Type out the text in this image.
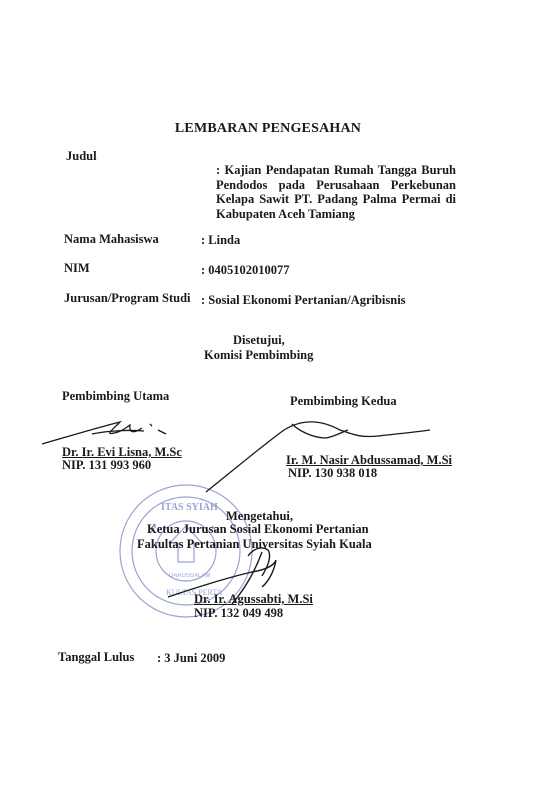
LEMBARAN PENGESAHAN
Judul
: Kajian Pendapatan Rumah Tangga Buruh Pendodos pada Perusahaan Perkebunan Kelapa Sawit PT. Padang Palma Permai di Kabupaten Aceh Tamiang
Nama Mahasiswa	: Linda
NIM	: 0405102010077
Jurusan/Program Studi : Sosial Ekonomi Pertanian/Agribisnis
Disetujui,
Komisi Pembimbing
Pembimbing Utama	Pembimbing Kedua
ITAS SYIAH
DARUSSALAM
KULTAS PERTA
Dr. Ir. Evi Lisna, M.Sc
NIP. 131 993 960	Ir. M. Nasir Abdussamad, M.Si
NIP. 130 938 018
Mengetahui,
Ketua Jurusan Sosial Ekonomi Pertanian
Fakultas Pertanian Universitas Syiah Kuala
Dr. Ir. Agussabti, M.Si
NIP. 132 049 498
Tanggal Lulus : 3 Juni 2009
